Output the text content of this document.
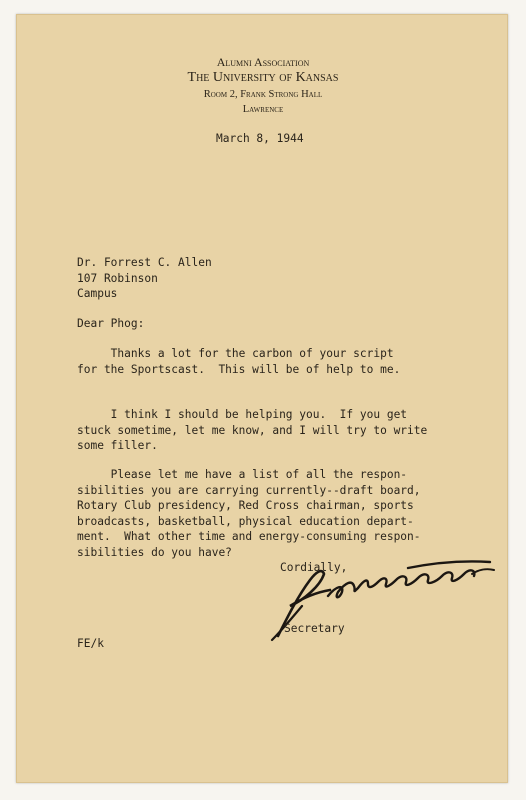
Alumni Association
The University of Kansas
Room 2, Frank Strong Hall
Lawrence
March 8, 1944
Dr. Forrest C. Allen
107 Robinson
Campus
Dear Phog:
Thanks a lot for the carbon of your script
for the Sportscast.  This will be of help to me.
I think I should be helping you.  If you get
stuck sometime, let me know, and I will try to write
some filler.
Please let me have a list of all the respon-
sibilities you are carrying currently--draft board,
Rotary Club presidency, Red Cross chairman, sports
broadcasts, basketball, physical education depart-
ment.  What other time and energy-consuming respon-
sibilities do you have?
Cordially,
Secretary
FE/k
